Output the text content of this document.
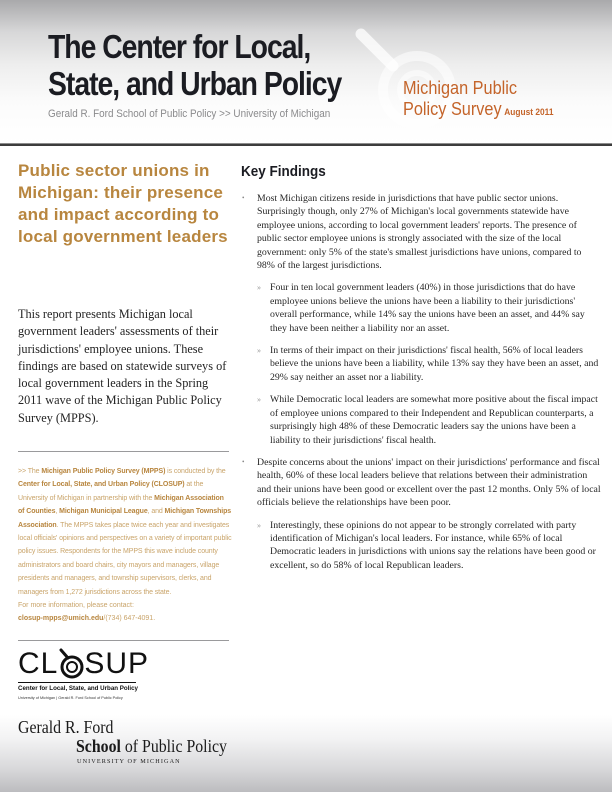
The Center for Local,
State, and Urban Policy
Gerald R. Ford School of Public Policy >> University of Michigan
Michigan Public
Policy Survey August 2011
Public sector unions in Michigan: their presence and impact according to local government leaders

This report presents Michigan local government leaders' assessments of their jurisdictions' employee unions. These findings are based on statewide surveys of local government leaders in the Spring 2011 wave of the Michigan Public Policy Survey (MPPS).

>> The Michigan Public Policy Survey (MPPS) is conducted by the Center for Local, State, and Urban Policy (CLOSUP) at the University of Michigan in partnership with the Michigan Association of Counties, Michigan Municipal League, and Michigan Townships Association. The MPPS takes place twice each year and investigates local officials' opinions and perspectives on a variety of important public policy issues. Respondents for the MPPS this wave include county administrators and board chairs, city mayors and managers, village presidents and managers, and township supervisors, clerks, and managers from 1,272 jurisdictions across the state.

For more information, please contact:
closup-mpps@umich.edu/(734) 647-4091.

CL SUP
Center for Local, State, and Urban Policy
University of Michigan | Gerald R. Ford School of Public Policy
Gerald R. Ford
School of Public Policy
UNIVERSITY OF MICHIGAN
Key Findings
• Most Michigan citizens reside in jurisdictions that have public sector unions. Surprisingly though, only 27% of Michigan's local governments statewide have employee unions, according to local government leaders' reports. The presence of public sector employee unions is strongly associated with the size of the local government: only 5% of the state's smallest jurisdictions have unions, compared to 98% of the largest jurisdictions.
» Four in ten local government leaders (40%) in those jurisdictions that do have employee unions believe the unions have been a liability to their jurisdictions' overall performance, while 14% say the unions have been an asset, and 44% say they have been neither a liability nor an asset.
» In terms of their impact on their jurisdictions' fiscal health, 56% of local leaders believe the unions have been a liability, while 13% say they have been an asset, and 29% say neither an asset nor a liability.
» While Democratic local leaders are somewhat more positive about the fiscal impact of employee unions compared to their Independent and Republican counterparts, a surprisingly high 48% of these Democratic leaders say the unions have been a liability to their jurisdictions' fiscal health.
• Despite concerns about the unions' impact on their jurisdictions' performance and fiscal health, 60% of these local leaders believe that relations between their administration and their unions have been good or excellent over the past 12 months. Only 5% of local officials believe the relationships have been poor.
» Interestingly, these opinions do not appear to be strongly correlated with party identification of Michigan's local leaders. For instance, while 65% of local Democratic leaders in jurisdictions with unions say the relations have been good or excellent, so do 58% of local Republican leaders.
